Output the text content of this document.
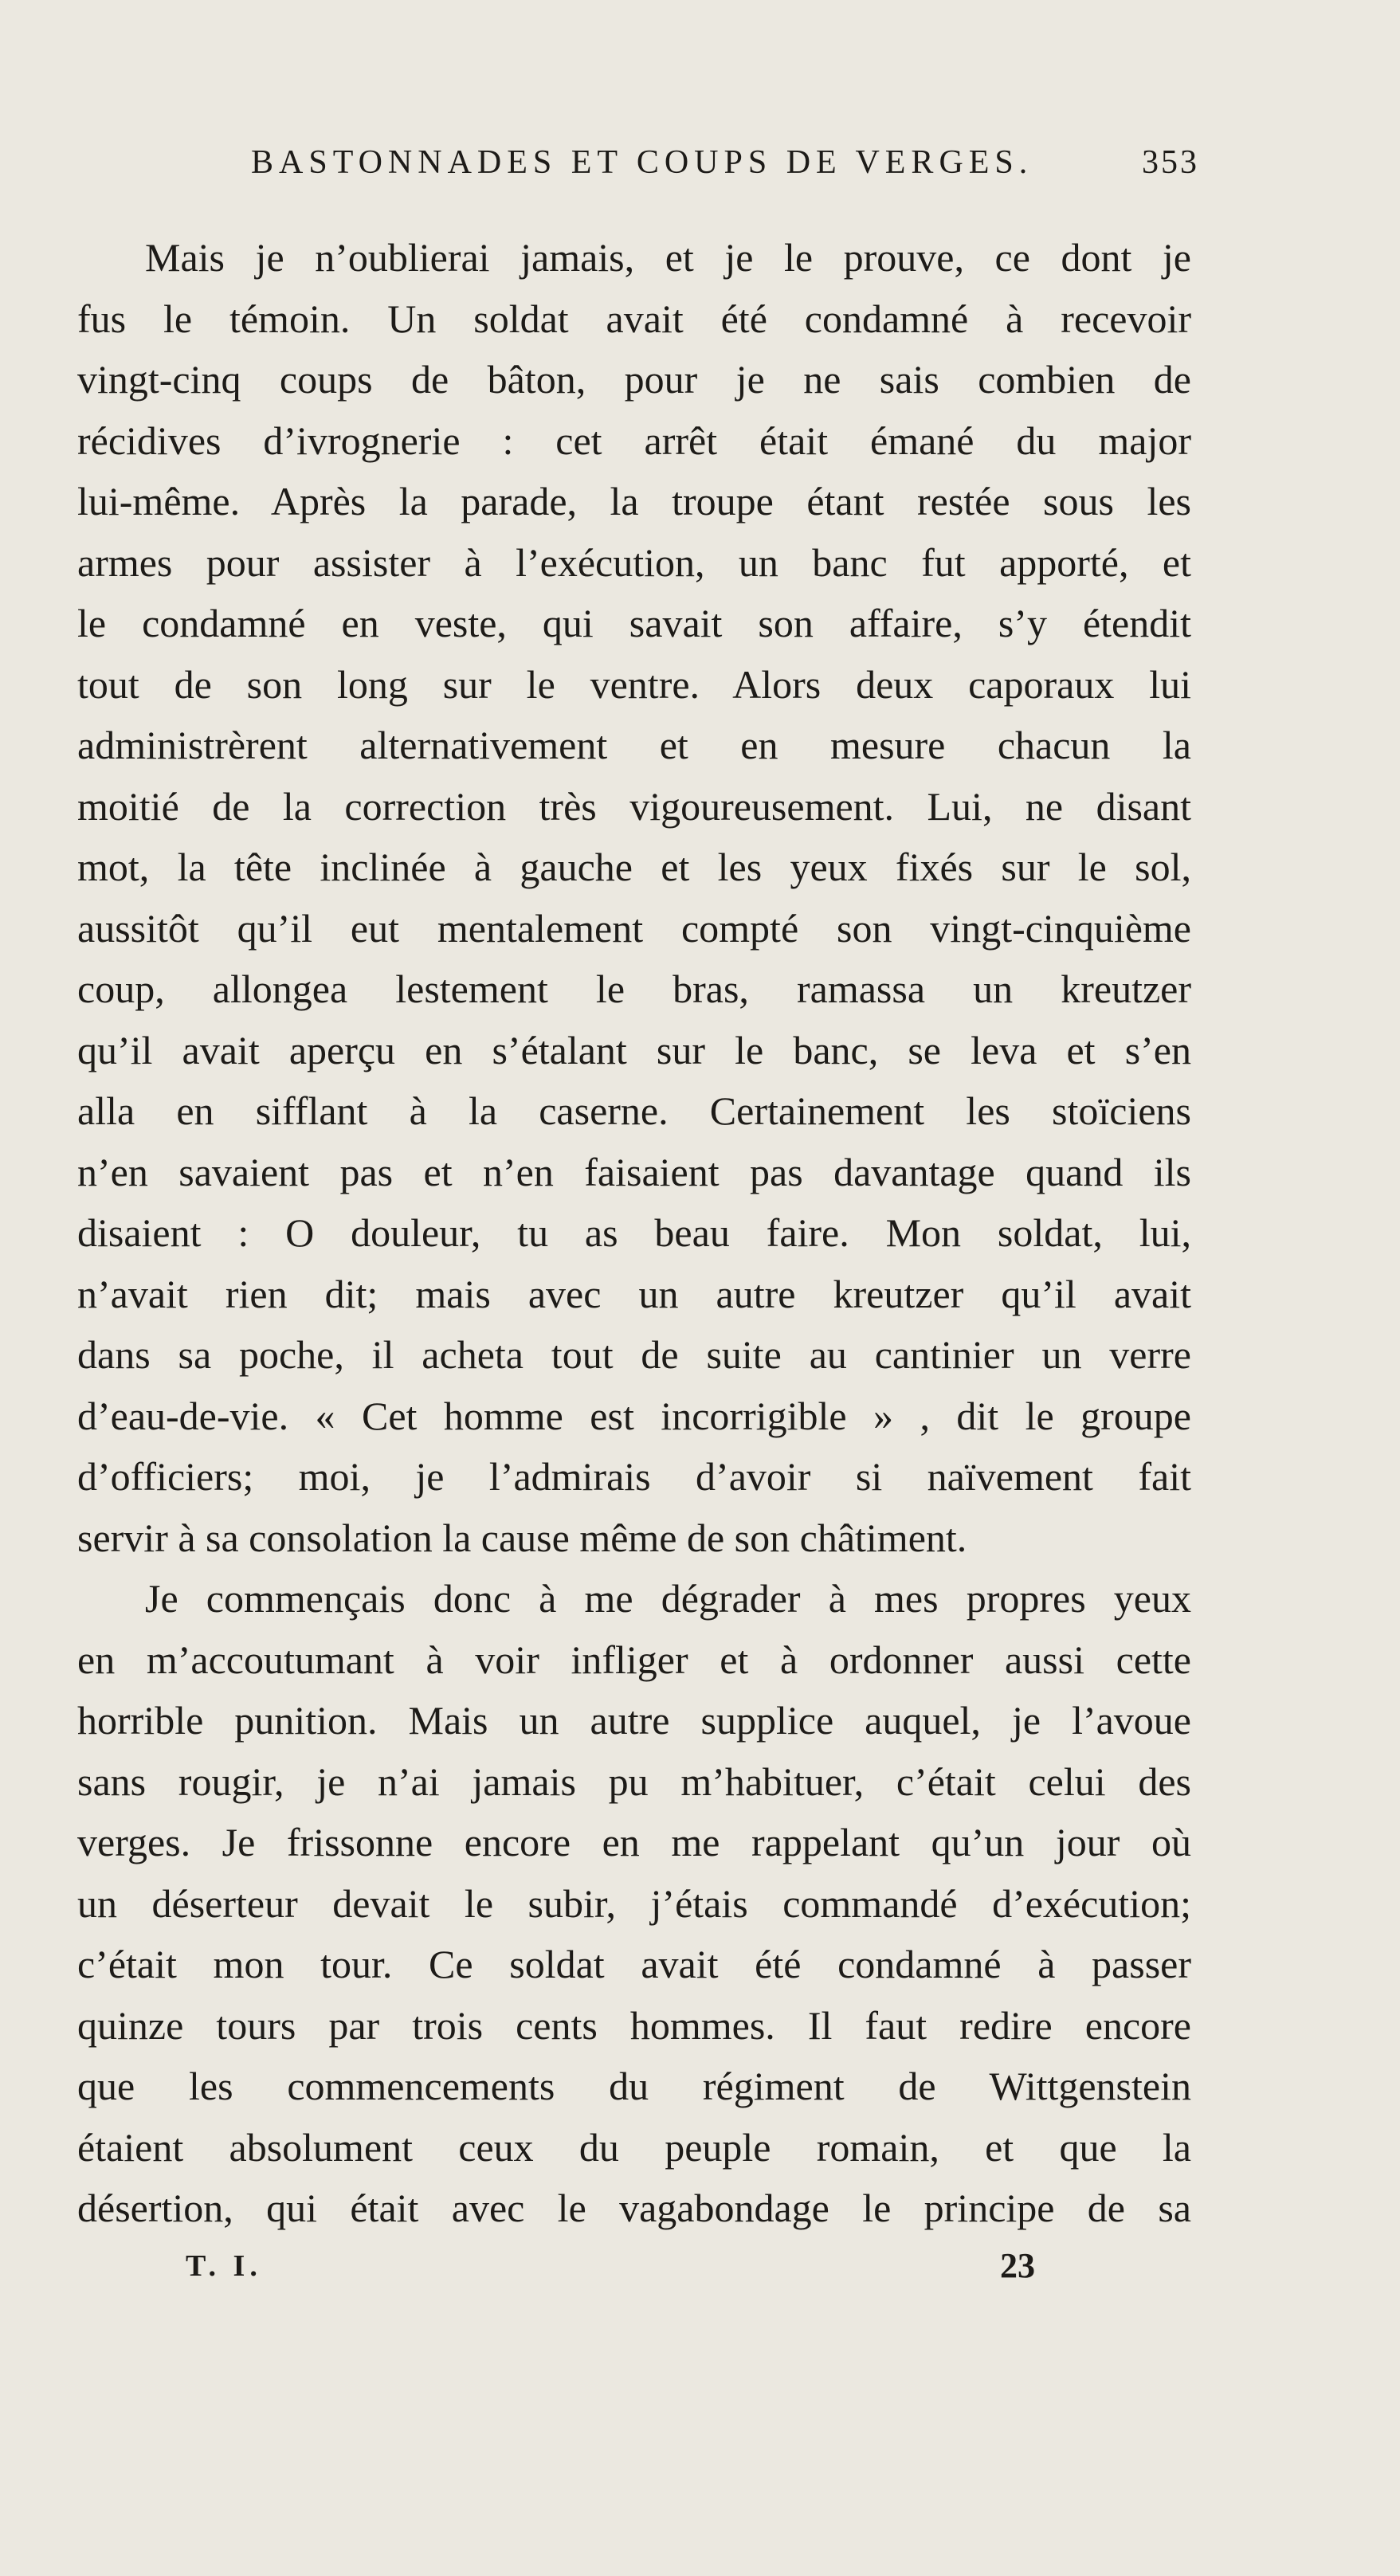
BASTONNADES ET COUPS DE VERGES.	353
Mais je n’oublierai jamais, et je le prouve, ce dont je
fus le témoin. Un soldat avait été condamné à recevoir
vingt-cinq coups de bâton, pour je ne sais combien de
récidives d’ivrognerie : cet arrêt était émané du major
lui-même. Après la parade, la troupe étant restée sous les
armes pour assister à l’exécution, un banc fut apporté, et
le condamné en veste, qui savait son affaire, s’y étendit
tout de son long sur le ventre. Alors deux caporaux lui
administrèrent alternativement et en mesure chacun la
moitié de la correction très vigoureusement. Lui, ne disant
mot, la tête inclinée à gauche et les yeux fixés sur le sol,
aussitôt qu’il eut mentalement compté son vingt-cinquième
coup, allongea lestement le bras, ramassa un kreutzer
qu’il avait aperçu en s’étalant sur le banc, se leva et s’en
alla en sifflant à la caserne. Certainement les stoïciens
n’en savaient pas et n’en faisaient pas davantage quand ils
disaient : O douleur, tu as beau faire. Mon soldat, lui,
n’avait rien dit; mais avec un autre kreutzer qu’il avait
dans sa poche, il acheta tout de suite au cantinier un verre
d’eau-de-vie. « Cet homme est incorrigible » , dit le groupe
d’officiers; moi, je l’admirais d’avoir si naïvement fait
servir à sa consolation la cause même de son châtiment.
Je commençais donc à me dégrader à mes propres yeux
en m’accoutumant à voir infliger et à ordonner aussi cette
horrible punition. Mais un autre supplice auquel, je l’avoue
sans rougir, je n’ai jamais pu m’habituer, c’était celui des
verges. Je frissonne encore en me rappelant qu’un jour où
un déserteur devait le subir, j’étais commandé d’exécution;
c’était mon tour. Ce soldat avait été condamné à passer
quinze tours par trois cents hommes. Il faut redire encore
que les commencements du régiment de Wittgenstein
étaient absolument ceux du peuple romain, et que la
désertion, qui était avec le vagabondage le principe de sa
T. I.	23
